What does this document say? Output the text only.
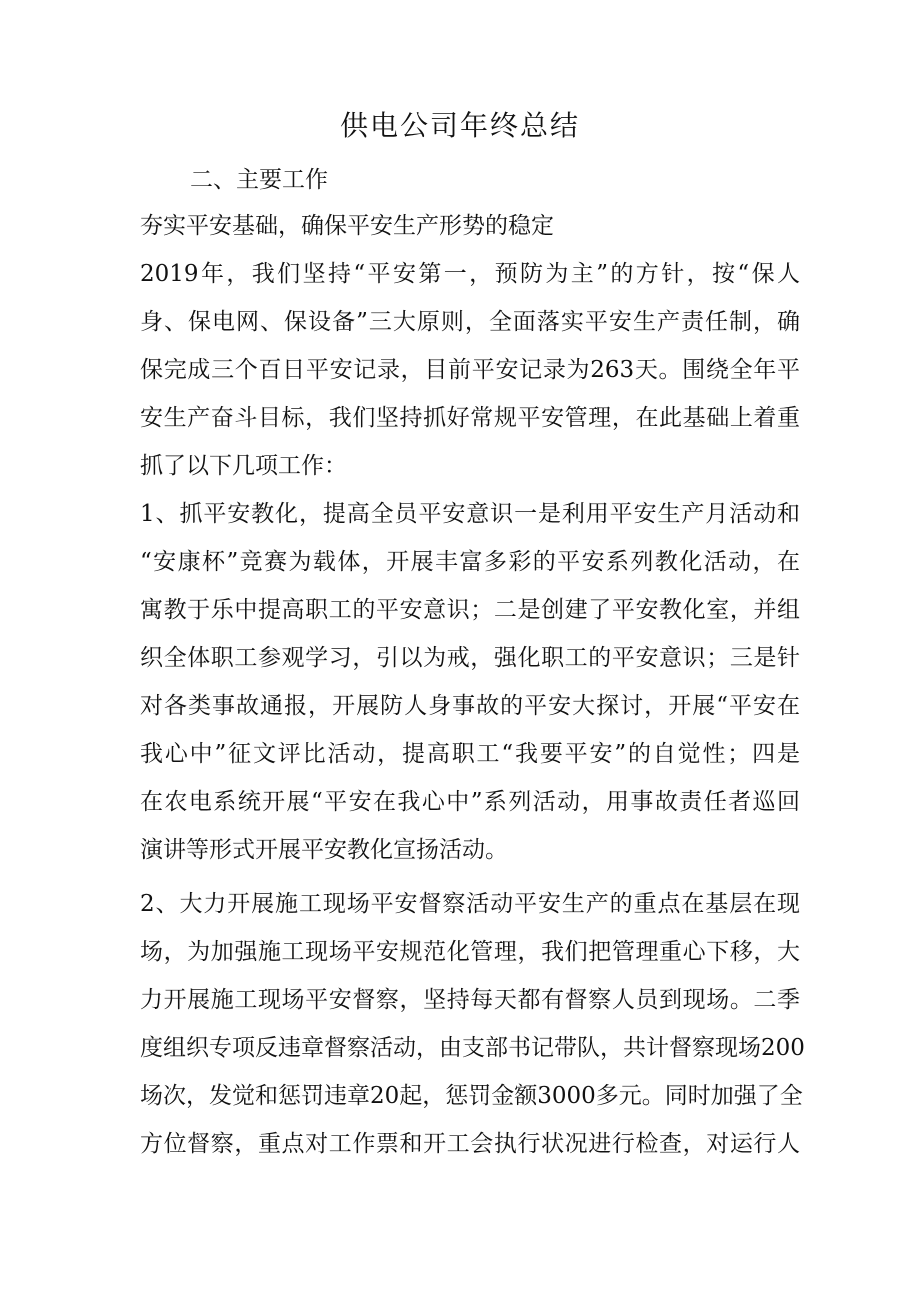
供电公司年终总结

二、主要工作

夯实平安基础，确保平安生产形势的稳定

2019年，我们坚持“平安第一，预防为主”的方针，按“保人

身、保电网、保设备”三大原则，全面落实平安生产责任制，确

保完成三个百日平安记录，目前平安记录为263天。围绕全年平

安生产奋斗目标，我们坚持抓好常规平安管理，在此基础上着重

抓了以下几项工作：

1、抓平安教化，提高全员平安意识一是利用平安生产月活动和

“安康杯”竞赛为载体，开展丰富多彩的平安系列教化活动，在

寓教于乐中提高职工的平安意识；二是创建了平安教化室，并组

织全体职工参观学习，引以为戒，强化职工的平安意识；三是针

对各类事故通报，开展防人身事故的平安大探讨，开展“平安在

我心中”征文评比活动，提高职工“我要平安”的自觉性；四是

在农电系统开展“平安在我心中”系列活动，用事故责任者巡回

演讲等形式开展平安教化宣扬活动。

2、大力开展施工现场平安督察活动平安生产的重点在基层在现

场，为加强施工现场平安规范化管理，我们把管理重心下移，大

力开展施工现场平安督察，坚持每天都有督察人员到现场。二季

度组织专项反违章督察活动，由支部书记带队，共计督察现场200

场次，发觉和惩罚违章20起，惩罚金额3000多元。同时加强了全

方位督察，重点对工作票和开工会执行状况进行检查，对运行人
